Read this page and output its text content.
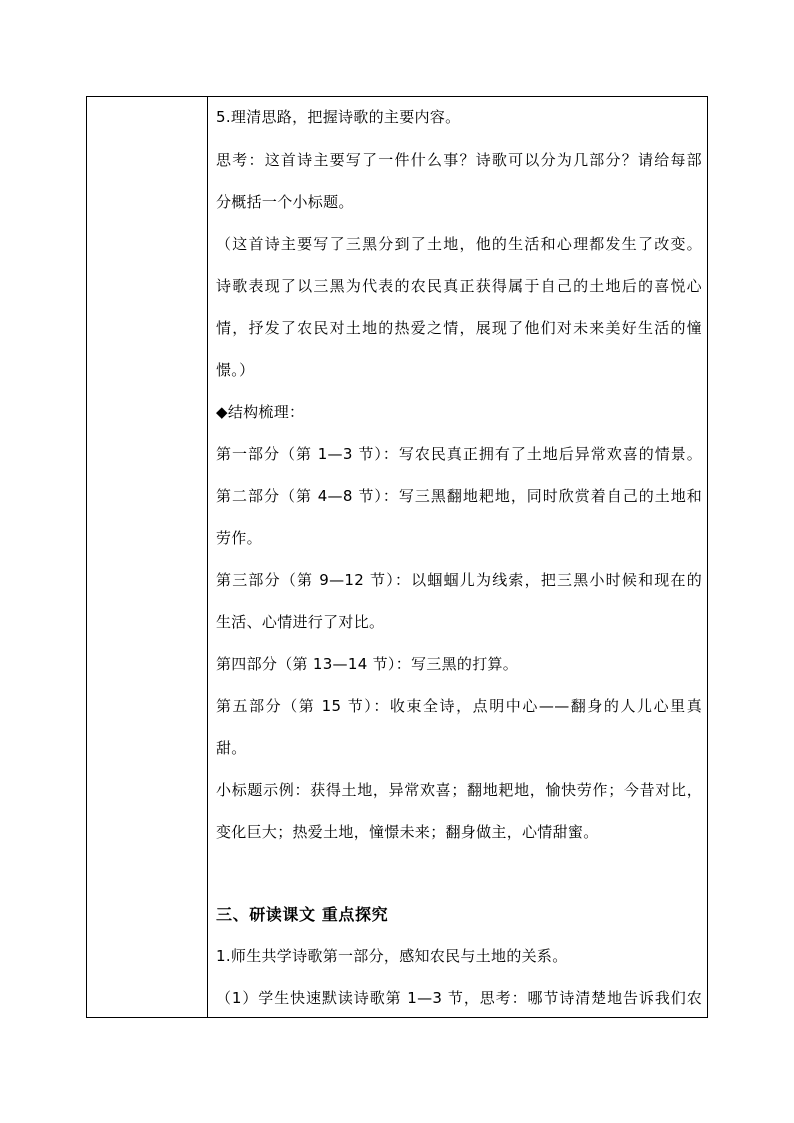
5.理清思路，把握诗歌的主要内容。
思考：这首诗主要写了一件什么事？诗歌可以分为几部分？请给每部
分概括一个小标题。
（这首诗主要写了三黑分到了土地，他的生活和心理都发生了改变。
诗歌表现了以三黑为代表的农民真正获得属于自己的土地后的喜悦心
情，抒发了农民对土地的热爱之情，展现了他们对未来美好生活的憧
憬。）
◆结构梳理：
第一部分（第 1—3 节）：写农民真正拥有了土地后异常欢喜的情景。
第二部分（第 4—8 节）：写三黑翻地耙地，同时欣赏着自己的土地和
劳作。
第三部分（第 9—12 节）：以蝈蝈儿为线索，把三黑小时候和现在的
生活、心情进行了对比。
第四部分（第 13—14 节）：写三黑的打算。
第五部分（第 15 节）：收束全诗，点明中心——翻身的人儿心里真
甜。
小标题示例：获得土地，异常欢喜；翻地耙地，愉快劳作；今昔对比，
变化巨大；热爱土地，憧憬未来；翻身做主，心情甜蜜。
三、研读课文 重点探究
1.师生共学诗歌第一部分，感知农民与土地的关系。
（1）学生快速默读诗歌第 1—3 节，思考：哪节诗清楚地告诉我们农
